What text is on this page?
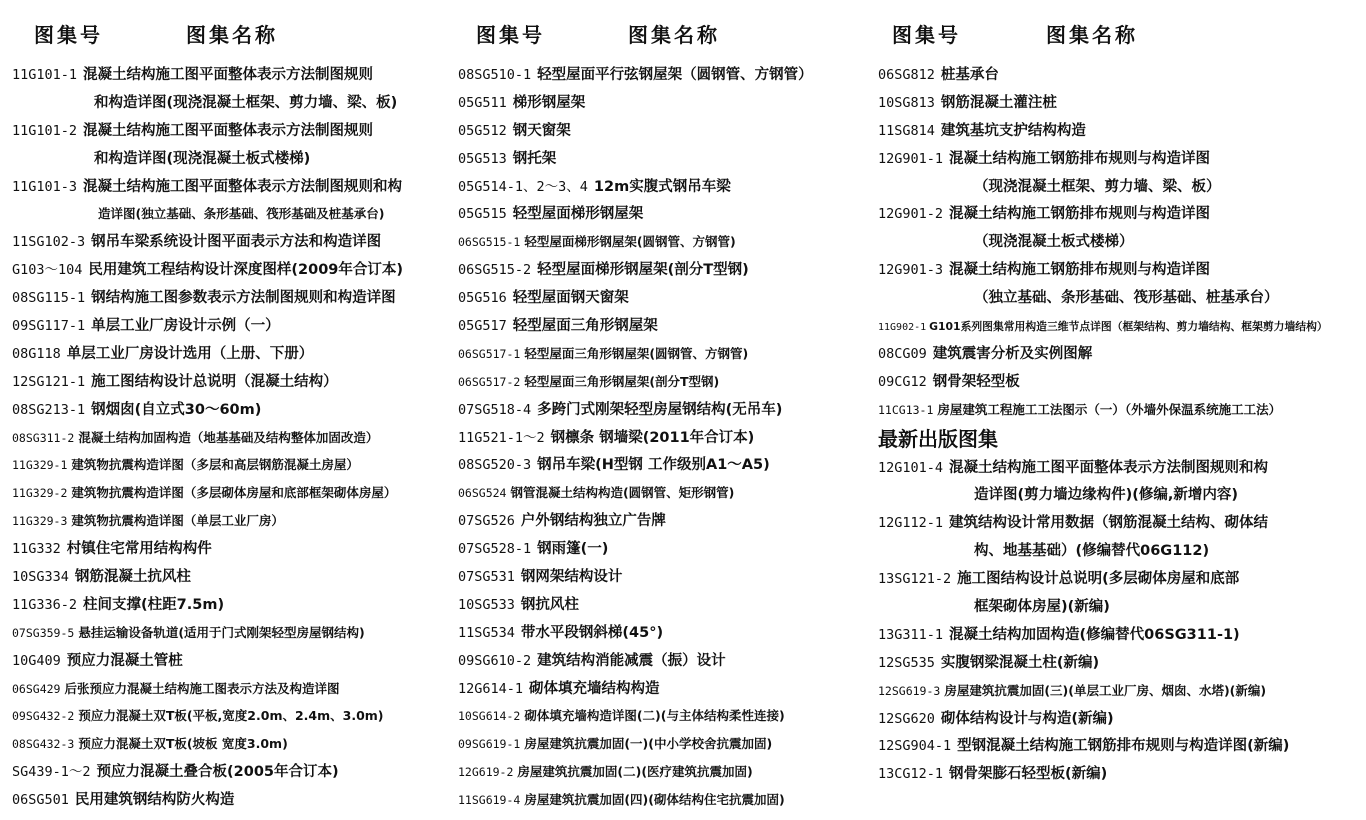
图集号	图集名称
11G101-1 混凝土结构施工图平面整体表示方法制图规则
和构造详图(现浇混凝土框架、剪力墙、梁、板)
11G101-2 混凝土结构施工图平面整体表示方法制图规则
和构造详图(现浇混凝土板式楼梯)
11G101-3 混凝土结构施工图平面整体表示方法制图规则和构
造详图(独立基础、条形基础、筏形基础及桩基承台)
11SG102-3 钢吊车梁系统设计图平面表示方法和构造详图
G103～104 民用建筑工程结构设计深度图样(2009年合订本)
08SG115-1 钢结构施工图参数表示方法制图规则和构造详图
09SG117-1 单层工业厂房设计示例（一）
08G118 单层工业厂房设计选用（上册、下册）
12SG121-1 施工图结构设计总说明（混凝土结构）
08SG213-1 钢烟囱(自立式30～60m)
08SG311-2 混凝土结构加固构造（地基基础及结构整体加固改造）
11G329-1 建筑物抗震构造详图（多层和高层钢筋混凝土房屋）
11G329-2 建筑物抗震构造详图（多层砌体房屋和底部框架砌体房屋）
11G329-3 建筑物抗震构造详图（单层工业厂房）
11G332 村镇住宅常用结构构件
10SG334 钢筋混凝土抗风柱
11G336-2 柱间支撑(柱距7.5m)
07SG359-5 悬挂运输设备轨道(适用于门式刚架轻型房屋钢结构)
10G409 预应力混凝土管桩
06SG429 后张预应力混凝土结构施工图表示方法及构造详图
09SG432-2 预应力混凝土双T板(平板,宽度2.0m、2.4m、3.0m)
08SG432-3 预应力混凝土双T板(坡板 宽度3.0m)
SG439-1～2 预应力混凝土叠合板(2005年合订本)
06SG501 民用建筑钢结构防火构造
图集号	图集名称
08SG510-1 轻型屋面平行弦钢屋架（圆钢管、方钢管）
05G511 梯形钢屋架
05G512 钢天窗架
05G513 钢托架
05G514-1、2～3、4 12m实腹式钢吊车梁
05G515 轻型屋面梯形钢屋架
06SG515-1 轻型屋面梯形钢屋架(圆钢管、方钢管)
06SG515-2 轻型屋面梯形钢屋架(剖分T型钢)
05G516 轻型屋面钢天窗架
05G517 轻型屋面三角形钢屋架
06SG517-1 轻型屋面三角形钢屋架(圆钢管、方钢管)
06SG517-2 轻型屋面三角形钢屋架(剖分T型钢)
07SG518-4 多跨门式刚架轻型房屋钢结构(无吊车)
11G521-1～2 钢檩条 钢墙梁(2011年合订本)
08SG520-3 钢吊车梁(H型钢 工作级别A1～A5)
06SG524 钢管混凝土结构构造(圆钢管、矩形钢管)
07SG526 户外钢结构独立广告牌
07SG528-1 钢雨篷(一)
07SG531 钢网架结构设计
10SG533 钢抗风柱
11SG534 带水平段钢斜梯(45°)
09SG610-2 建筑结构消能减震（振）设计
12G614-1 砌体填充墙结构构造
10SG614-2 砌体填充墙构造详图(二)(与主体结构柔性连接)
09SG619-1 房屋建筑抗震加固(一)(中小学校舍抗震加固)
12G619-2 房屋建筑抗震加固(二)(医疗建筑抗震加固)
11SG619-4 房屋建筑抗震加固(四)(砌体结构住宅抗震加固)
图集号	图集名称
06SG812 桩基承台
10SG813 钢筋混凝土灌注桩
11SG814 建筑基坑支护结构构造
12G901-1 混凝土结构施工钢筋排布规则与构造详图
（现浇混凝土框架、剪力墙、梁、板）
12G901-2 混凝土结构施工钢筋排布规则与构造详图
（现浇混凝土板式楼梯）
12G901-3 混凝土结构施工钢筋排布规则与构造详图
（独立基础、条形基础、筏形基础、桩基承台）
11G902-1 G101系列图集常用构造三维节点详图（框架结构、剪力墙结构、框架剪力墙结构）
08CG09 建筑震害分析及实例图解
09CG12 钢骨架轻型板
11CG13-1 房屋建筑工程施工工法图示（一）（外墙外保温系统施工工法）
最新出版图集
12G101-4 混凝土结构施工图平面整体表示方法制图规则和构
造详图(剪力墙边缘构件)(修编,新增内容)
12G112-1 建筑结构设计常用数据（钢筋混凝土结构、砌体结
构、地基基础）(修编替代06G112)
13SG121-2 施工图结构设计总说明(多层砌体房屋和底部
框架砌体房屋)(新编)
13G311-1 混凝土结构加固构造(修编替代06SG311-1)
12SG535 实腹钢梁混凝土柱(新编)
12SG619-3 房屋建筑抗震加固(三)(单层工业厂房、烟囱、水塔)(新编)
12SG620 砌体结构设计与构造(新编)
12SG904-1 型钢混凝土结构施工钢筋排布规则与构造详图(新编)
13CG12-1 钢骨架膨石轻型板(新编)
